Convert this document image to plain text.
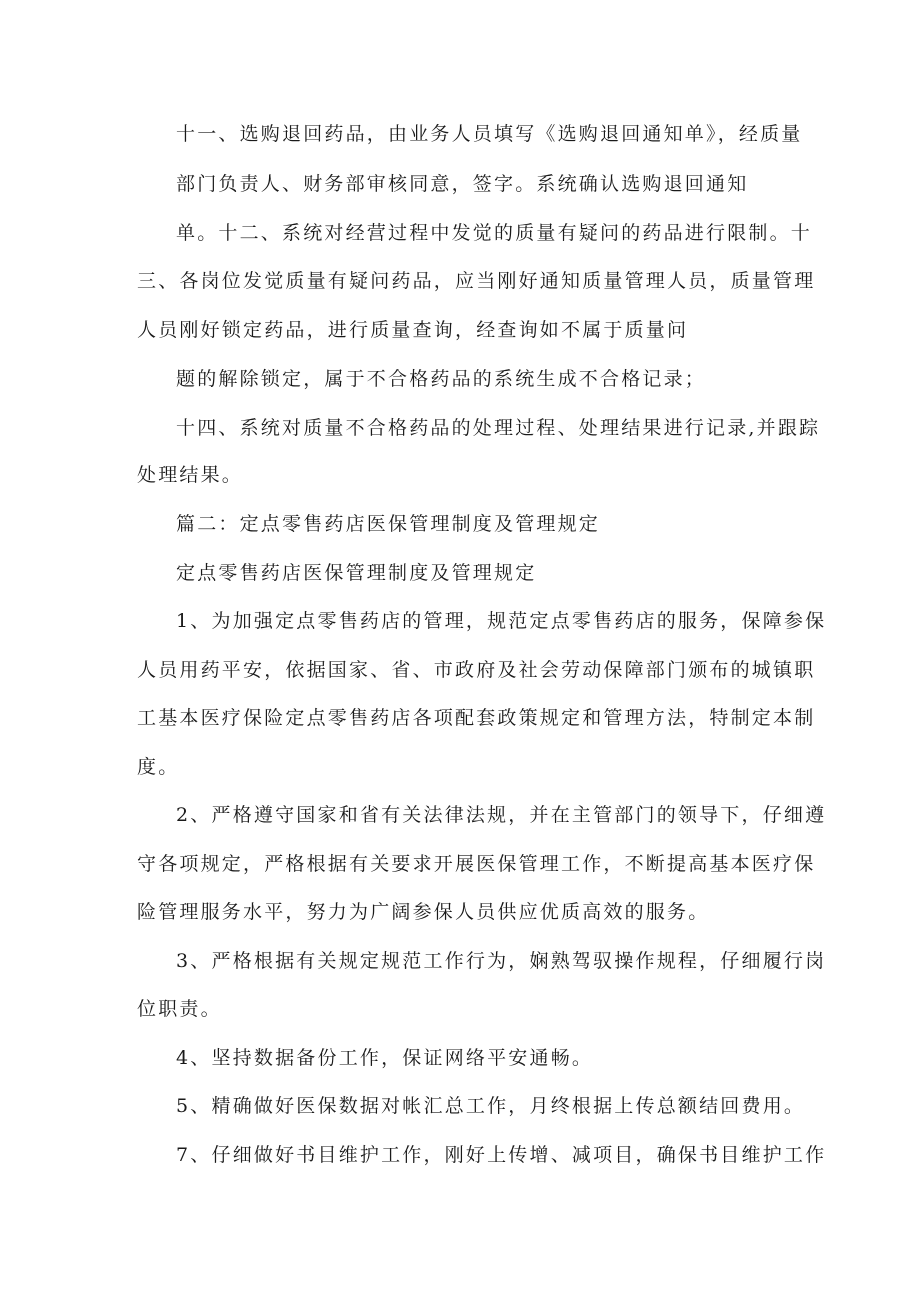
十一、选购退回药品，由业务人员填写《选购退回通知单》，经质量
部门负责人、财务部审核同意，签字。系统确认选购退回通知
单。十二、系统对经营过程中发觉的质量有疑问的药品进行限制。十
三、各岗位发觉质量有疑问药品，应当刚好通知质量管理人员，质量管理
人员刚好锁定药品，进行质量查询，经查询如不属于质量问
题的解除锁定，属于不合格药品的系统生成不合格记录；
十四、系统对质量不合格药品的处理过程、处理结果进行记录,并跟踪
处理结果。
篇二：定点零售药店医保管理制度及管理规定
定点零售药店医保管理制度及管理规定
1、为加强定点零售药店的管理，规范定点零售药店的服务，保障参保
人员用药平安，依据国家、省、市政府及社会劳动保障部门颁布的城镇职
工基本医疗保险定点零售药店各项配套政策规定和管理方法，特制定本制
度。
2、严格遵守国家和省有关法律法规，并在主管部门的领导下，仔细遵
守各项规定，严格根据有关要求开展医保管理工作，不断提高基本医疗保
险管理服务水平，努力为广阔参保人员供应优质高效的服务。
3、严格根据有关规定规范工作行为，娴熟驾驭操作规程，仔细履行岗
位职责。
4、坚持数据备份工作，保证网络平安通畅。
5、精确做好医保数据对帐汇总工作，月终根据上传总额结回费用。
7、仔细做好书目维护工作，刚好上传增、减项目，确保书目维护工作
